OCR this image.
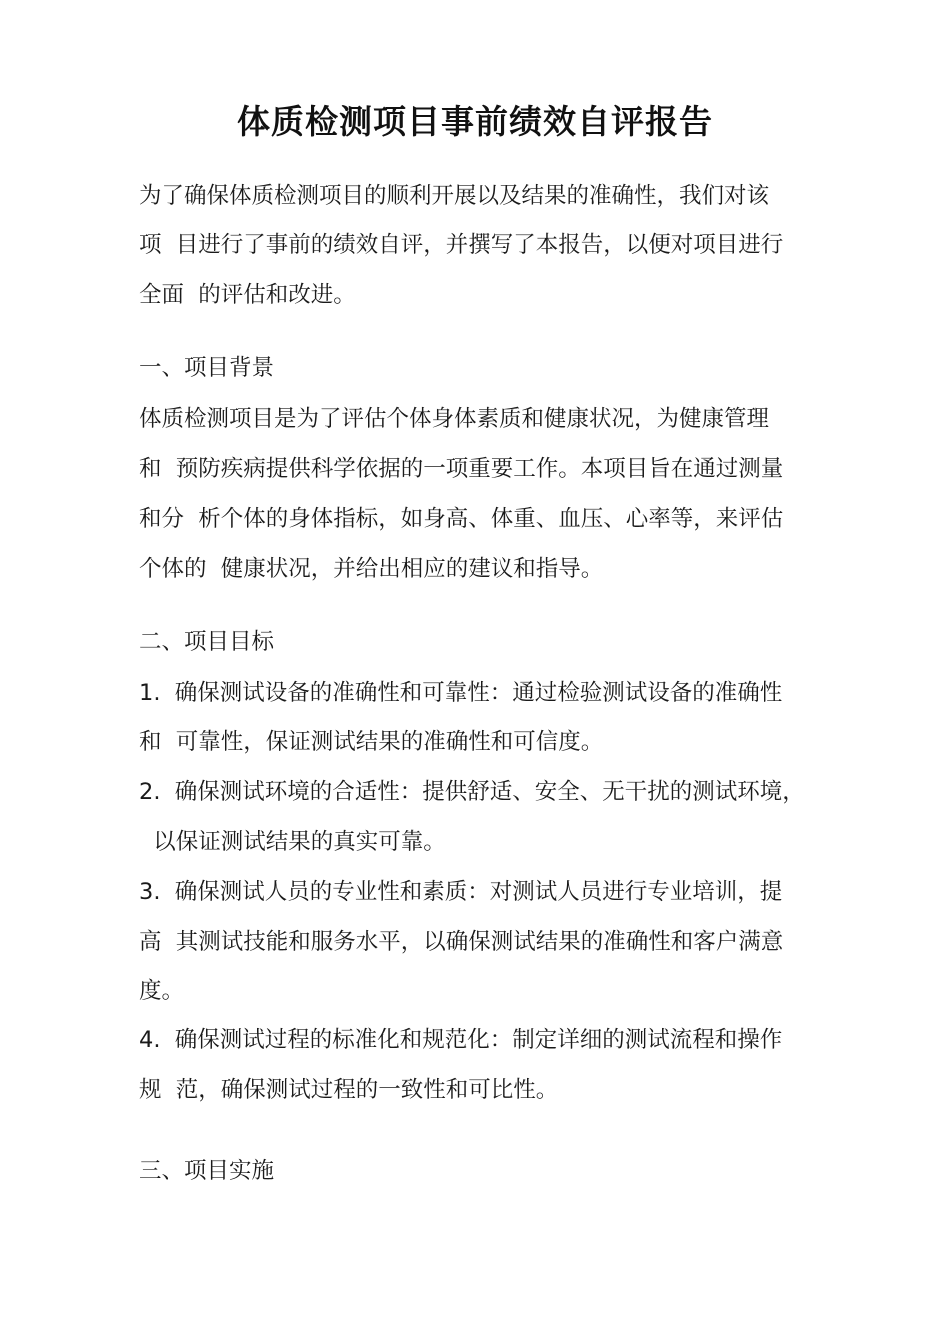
体质检测项目事前绩效自评报告
为了确保体质检测项目的顺利开展以及结果的准确性，我们对该
项  目进行了事前的绩效自评，并撰写了本报告，以便对项目进行
全面  的评估和改进。
一、项目背景
体质检测项目是为了评估个体身体素质和健康状况，为健康管理
和  预防疾病提供科学依据的一项重要工作。本项目旨在通过测量
和分  析个体的身体指标，如身高、体重、血压、心率等，来评估
个体的  健康状况，并给出相应的建议和指导。
二、项目目标
1.  确保测试设备的准确性和可靠性：通过检验测试设备的准确性
和  可靠性，保证测试结果的准确性和可信度。
2.  确保测试环境的合适性：提供舒适、安全、无干扰的测试环境，
以保证测试结果的真实可靠。
3.  确保测试人员的专业性和素质：对测试人员进行专业培训，提
高  其测试技能和服务水平，以确保测试结果的准确性和客户满意
度。
4.  确保测试过程的标准化和规范化：制定详细的测试流程和操作
规  范，确保测试过程的一致性和可比性。
三、项目实施
